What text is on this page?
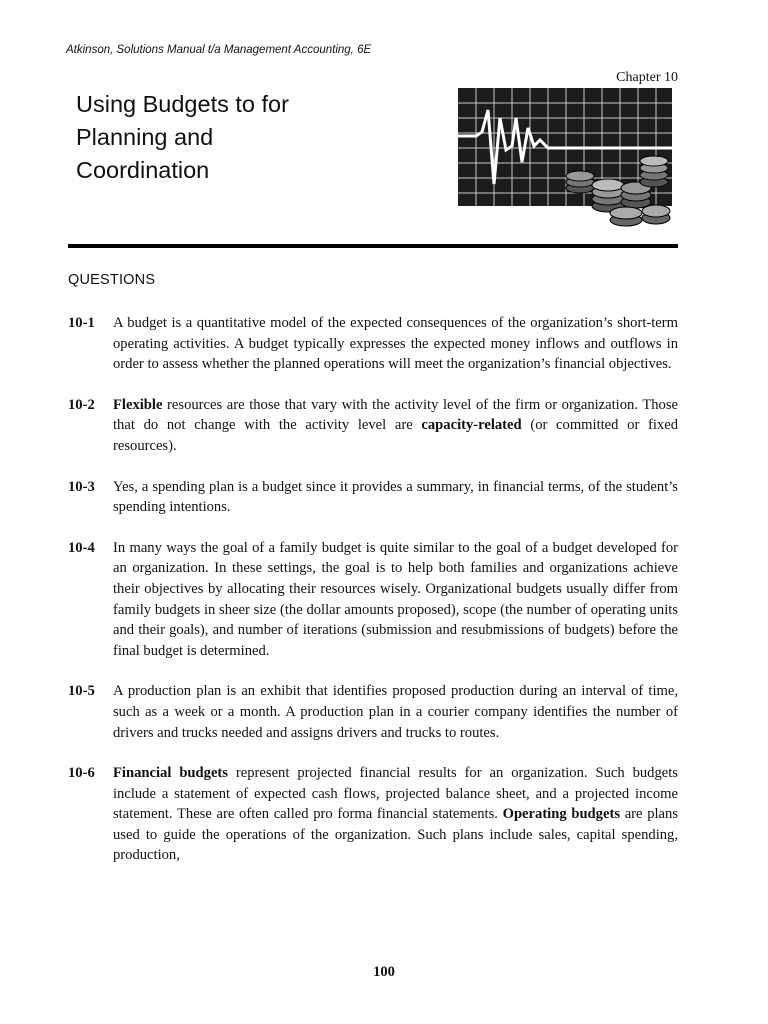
Atkinson, Solutions Manual t/a Management Accounting, 6E
Chapter 10
Using Budgets to for
Planning and
Coordination
QUESTIONS
10-1	A budget is a quantitative model of the expected consequences of the organization’s short-term operating activities. A budget typically expresses the expected money inflows and outflows in order to assess whether the planned operations will meet the organization’s financial objectives.
10-2	Flexible resources are those that vary with the activity level of the firm or organization. Those that do not change with the activity level are capacity-related (or committed or fixed resources).
10-3	Yes, a spending plan is a budget since it provides a summary, in financial terms, of the student’s spending intentions.
10-4	In many ways the goal of a family budget is quite similar to the goal of a budget developed for an organization. In these settings, the goal is to help both families and organizations achieve their objectives by allocating their resources wisely. Organizational budgets usually differ from family budgets in sheer size (the dollar amounts proposed), scope (the number of operating units and their goals), and number of iterations (submission and resubmissions of budgets) before the final budget is determined.
10-5	A production plan is an exhibit that identifies proposed production during an interval of time, such as a week or a month. A production plan in a courier company identifies the number of drivers and trucks needed and assigns drivers and trucks to routes.
10-6	Financial budgets represent projected financial results for an organization. Such budgets include a statement of expected cash flows, projected balance sheet, and a projected income statement. These are often called pro forma financial statements. Operating budgets are plans used to guide the operations of the organization. Such plans include sales, capital spending, production,
100
